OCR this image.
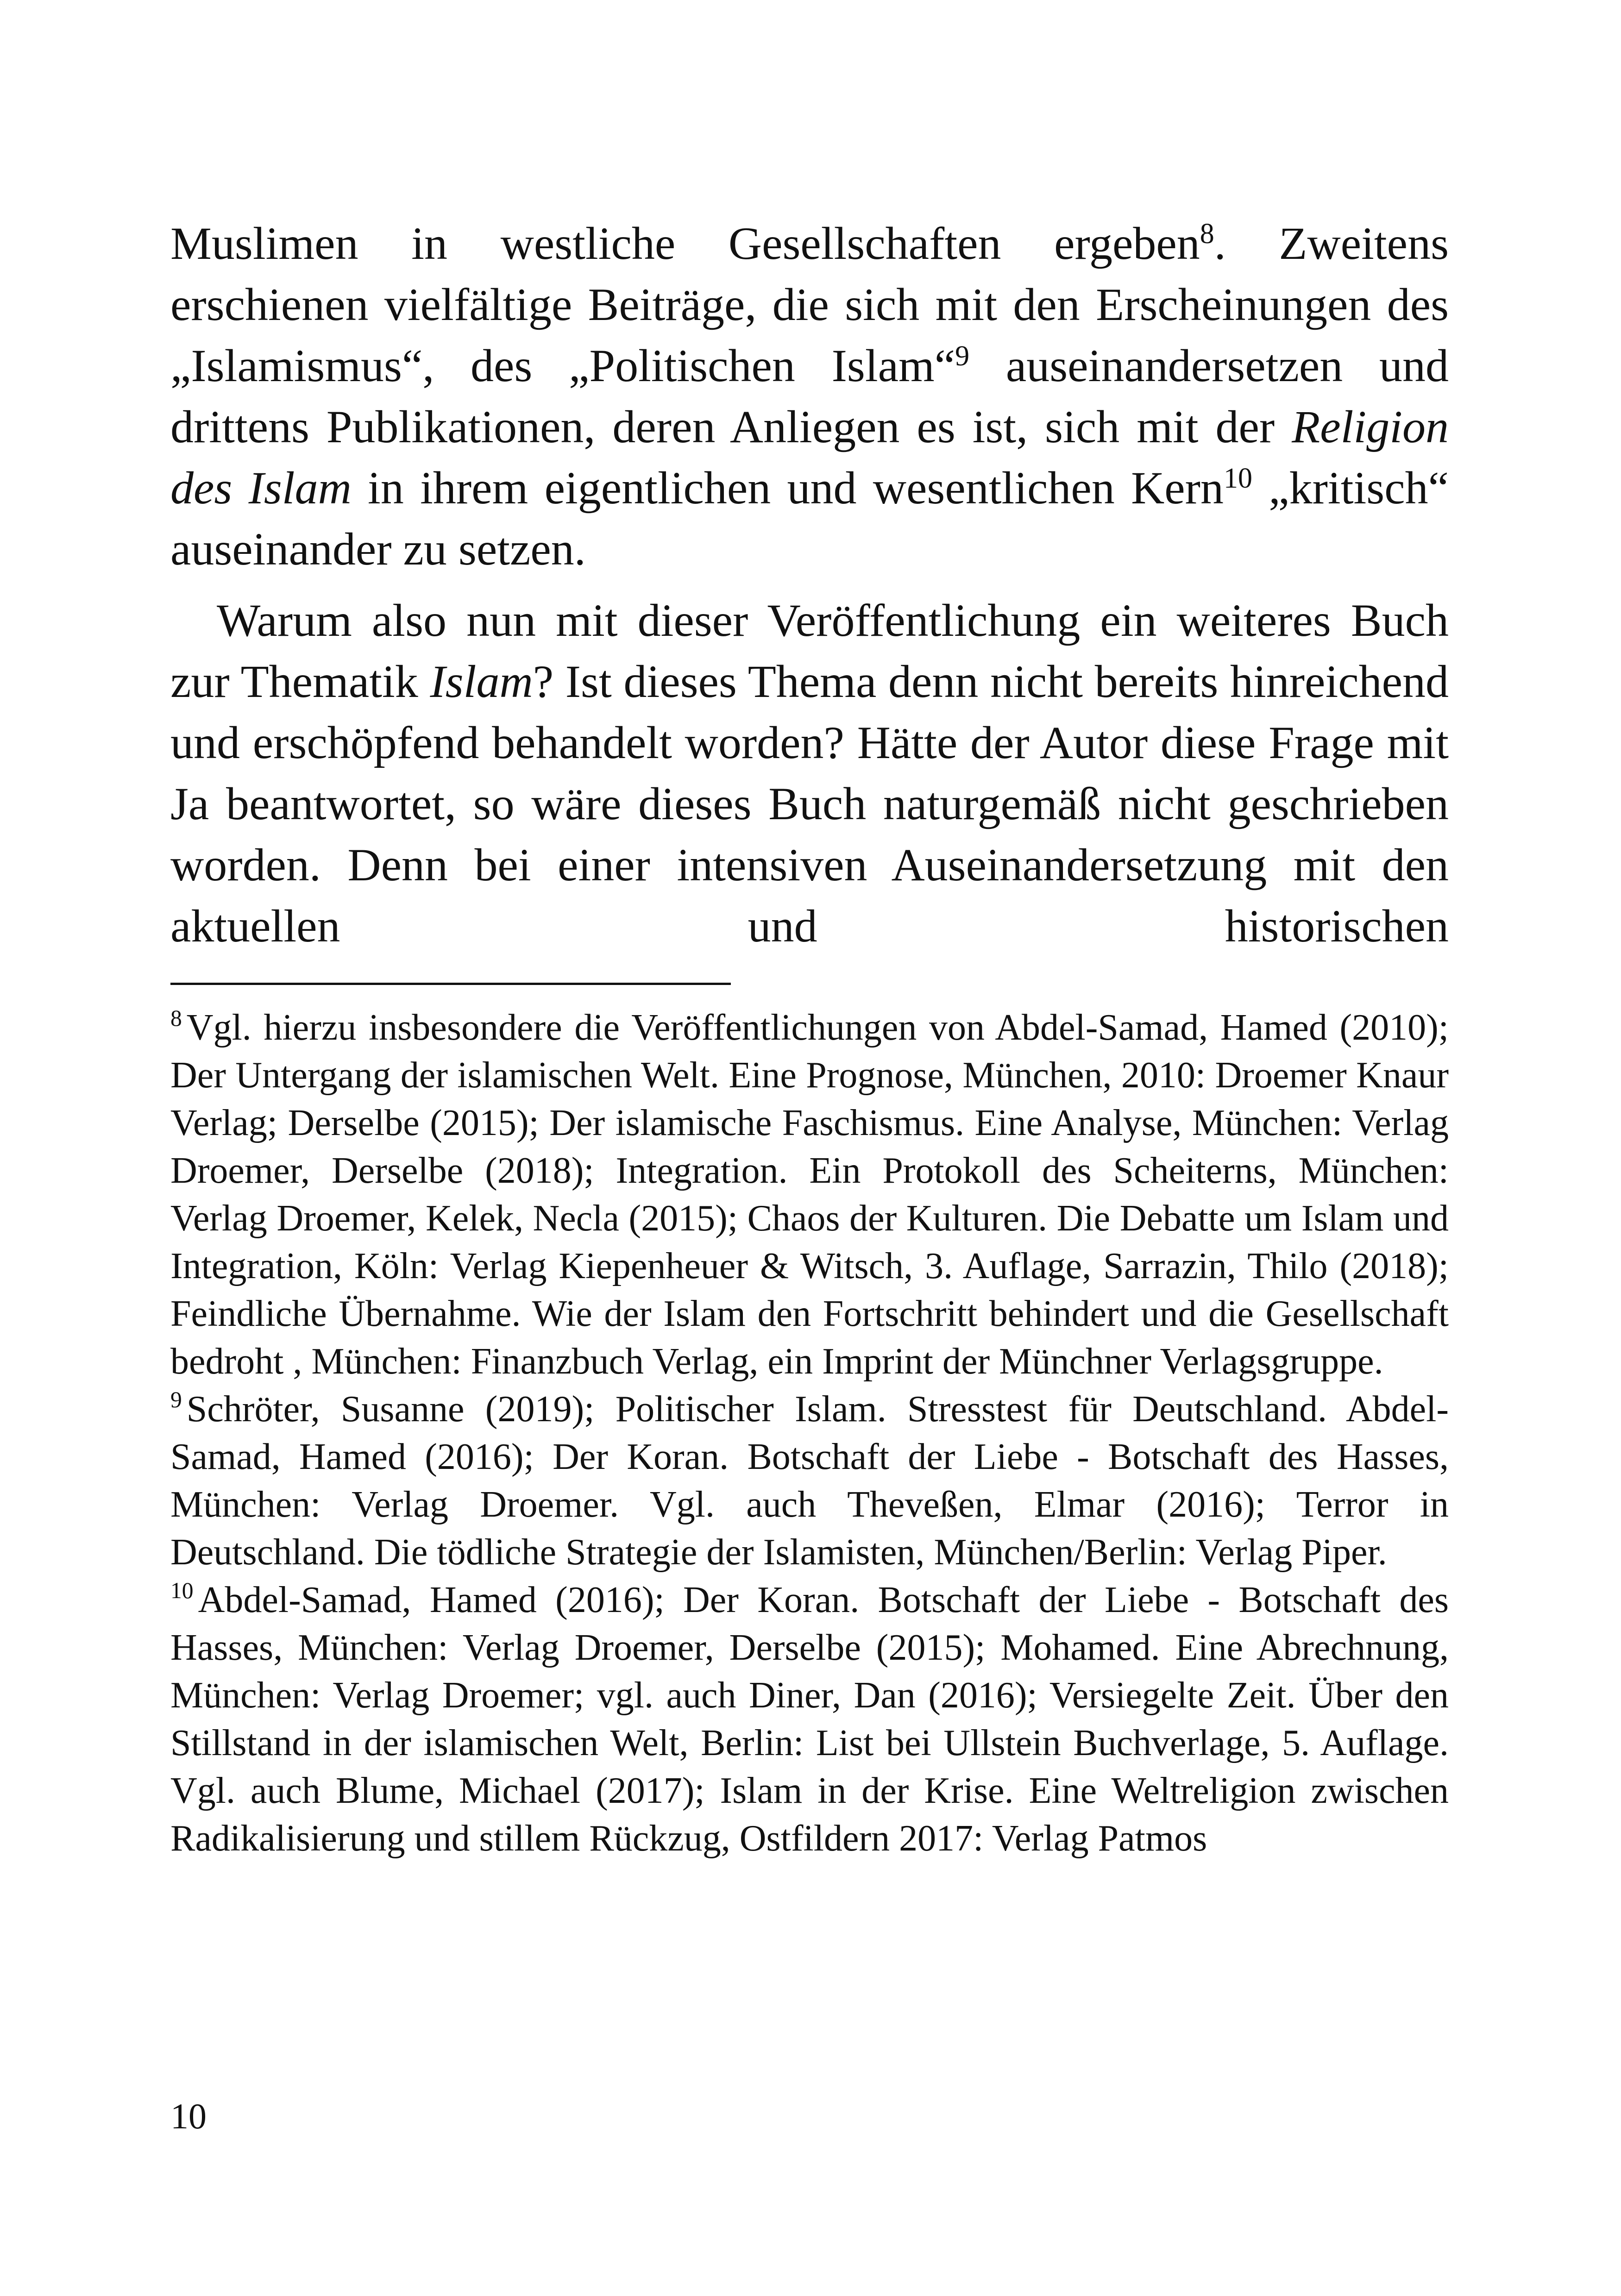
Muslimen in westliche Gesellschaften ergeben$^8$. Zweitens erschienen vielfältige Beiträge, die sich mit den Erscheinungen des „Islamismus“, des „Politischen Islam“$^9$ auseinandersetzen und drittens Publikationen, deren Anliegen es ist, sich mit der Religion des Islam in ihrem eigentlichen und wesentlichen Kern$^{10}$ „kritisch“ auseinander zu setzen.

Warum also nun mit dieser Veröffentlichung ein weiteres Buch zur Thematik Islam? Ist dieses Thema denn nicht bereits hinreichend und erschöpfend behandelt worden? Hätte der Autor diese Frage mit Ja beantwortet, so wäre dieses Buch naturgemäß nicht geschrieben worden. Denn bei einer intensiven Auseinandersetzung mit den aktuellen und historischen

$^8$ Vgl. hierzu insbesondere die Veröffentlichungen von Abdel-Samad, Hamed (2010); Der Untergang der islamischen Welt. Eine Prognose, München, 2010: Droemer Knaur Verlag; Derselbe (2015); Der islamische Faschismus. Eine Analyse, München: Verlag Droemer, Derselbe (2018); Integration. Ein Protokoll des Scheiterns, München: Verlag Droemer, Kelek, Necla (2015); Chaos der Kulturen. Die Debatte um Islam und Integration, Köln: Verlag Kiepenheuer & Witsch, 3. Auflage, Sarrazin, Thilo (2018); Feindliche Übernahme. Wie der Islam den Fortschritt behindert und die Gesellschaft bedroht , München: Finanzbuch Verlag, ein Imprint der Münchner Verlagsgruppe.

$^9$ Schröter, Susanne (2019); Politischer Islam. Stresstest für Deutschland. Abdel-Samad, Hamed (2016); Der Koran. Botschaft der Liebe - Botschaft des Hasses, München: Verlag Droemer. Vgl. auch Theveßen, Elmar (2016); Terror in Deutschland. Die tödliche Strategie der Islamisten, München/Berlin: Verlag Piper.

$^{10}$ Abdel-Samad, Hamed (2016); Der Koran. Botschaft der Liebe - Botschaft des Hasses, München: Verlag Droemer, Derselbe (2015); Mohamed. Eine Abrechnung, München: Verlag Droemer; vgl. auch Diner, Dan (2016); Versiegelte Zeit. Über den Stillstand in der islamischen Welt, Berlin: List bei Ullstein Buchverlage, 5. Auflage. Vgl. auch Blume, Michael (2017); Islam in der Krise. Eine Weltreligion zwischen Radikalisierung und stillem Rückzug, Ostfildern 2017: Verlag Patmos

10
